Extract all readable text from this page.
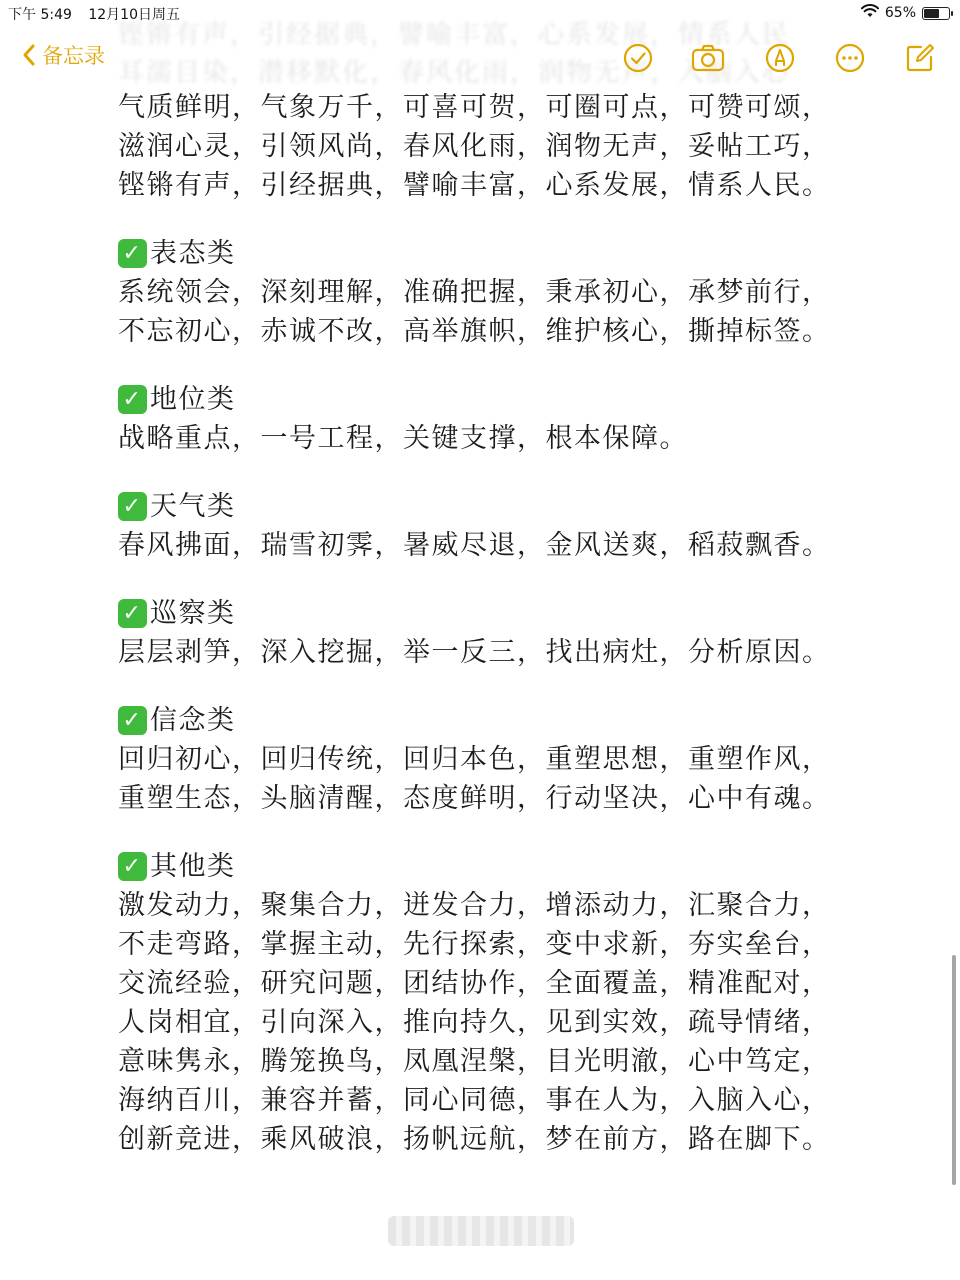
下午 5:49 12月10日周五	65%
铿锵有声，引经据典，譬喻丰富，心系发展，情系人民
耳濡目染，潜移默化，春风化雨，润物无声，入脑入心
备忘录
气质鲜明，气象万千，可喜可贺，可圈可点，可赞可颂，
滋润心灵，引领风尚，春风化雨，润物无声，妥帖工巧，
铿锵有声，引经据典，譬喻丰富，心系发展，情系人民。
✓ 表态类
系统领会，深刻理解，准确把握，秉承初心，承梦前行，
不忘初心，赤诚不改，高举旗帜，维护核心，撕掉标签。
✓ 地位类
战略重点，一号工程，关键支撑，根本保障。
✓ 天气类
春风拂面，瑞雪初霁，暑威尽退，金风送爽，稻菽飘香。
✓ 巡察类
层层剥笋，深入挖掘，举一反三，找出病灶，分析原因。
✓ 信念类
回归初心，回归传统，回归本色，重塑思想，重塑作风，
重塑生态，头脑清醒，态度鲜明，行动坚决，心中有魂。
✓ 其他类
激发动力，聚集合力，迸发合力，增添动力，汇聚合力，
不走弯路，掌握主动，先行探索，变中求新，夯实垒台，
交流经验，研究问题，团结协作，全面覆盖，精准配对，
人岗相宜，引向深入，推向持久，见到实效，疏导情绪，
意味隽永，腾笼换鸟，凤凰涅槃，目光明澈，心中笃定，
海纳百川，兼容并蓄，同心同德，事在人为，入脑入心，
创新竞进，乘风破浪，扬帆远航，梦在前方，路在脚下。
